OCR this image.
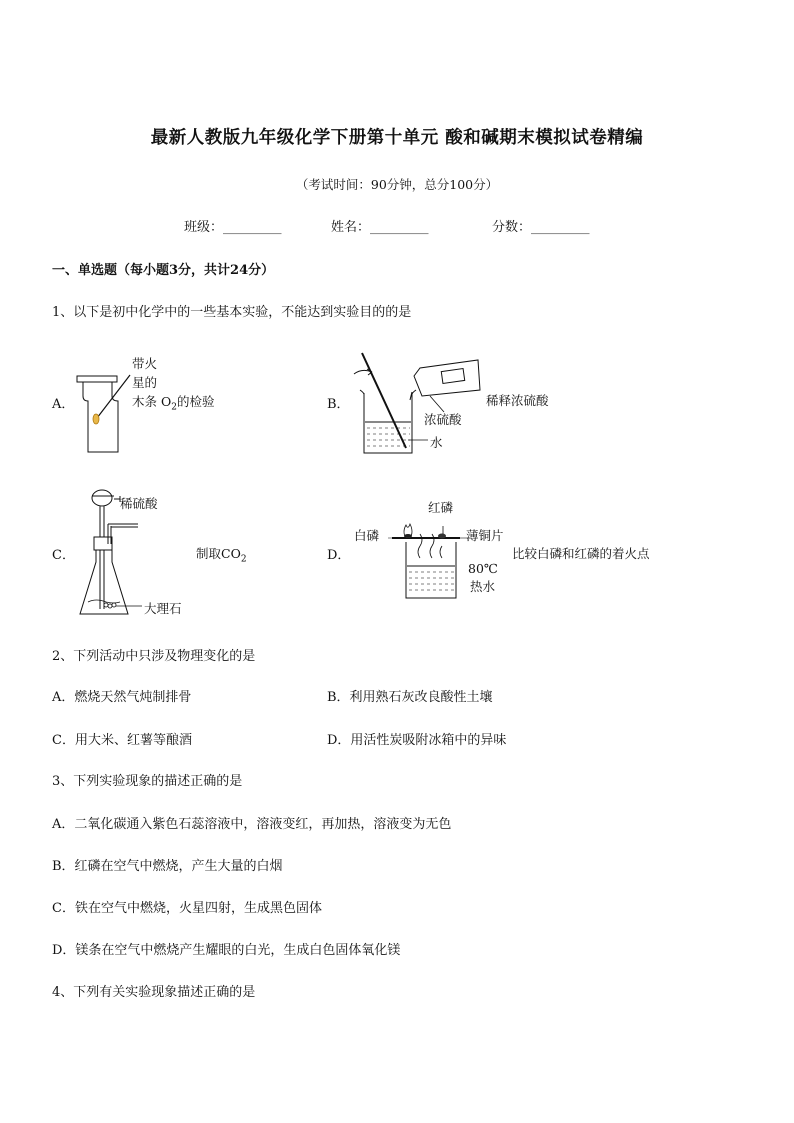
最新人教版九年级化学下册第十单元 酸和碱期末模拟试卷精编
（考试时间：90分钟，总分100分）
班级：_________	姓名：_________	分数：_________
一、单选题（每小题3分，共计24分）
1、以下是初中化学中的一些基本实验，不能达到实验目的的是
A．
带火
星的
木条 $O_2$的检验	B．	稀释浓硫酸
浓硫酸
水
C．
稀硫酸
大理石
制取$CO_2$	D．
红磷
白磷	薄铜片
比较白磷和红磷的着火点
80℃
热水
2、下列活动中只涉及物理变化的是
A．燃烧天然气炖制排骨	B．利用熟石灰改良酸性土壤
C．用大米、红薯等酿酒	D．用活性炭吸附冰箱中的异味
3、下列实验现象的描述正确的是
A．二氧化碳通入紫色石蕊溶液中，溶液变红，再加热，溶液变为无色
B．红磷在空气中燃烧，产生大量的白烟
C．铁在空气中燃烧，火星四射，生成黑色固体
D．镁条在空气中燃烧产生耀眼的白光，生成白色固体氧化镁
4、下列有关实验现象描述正确的是
